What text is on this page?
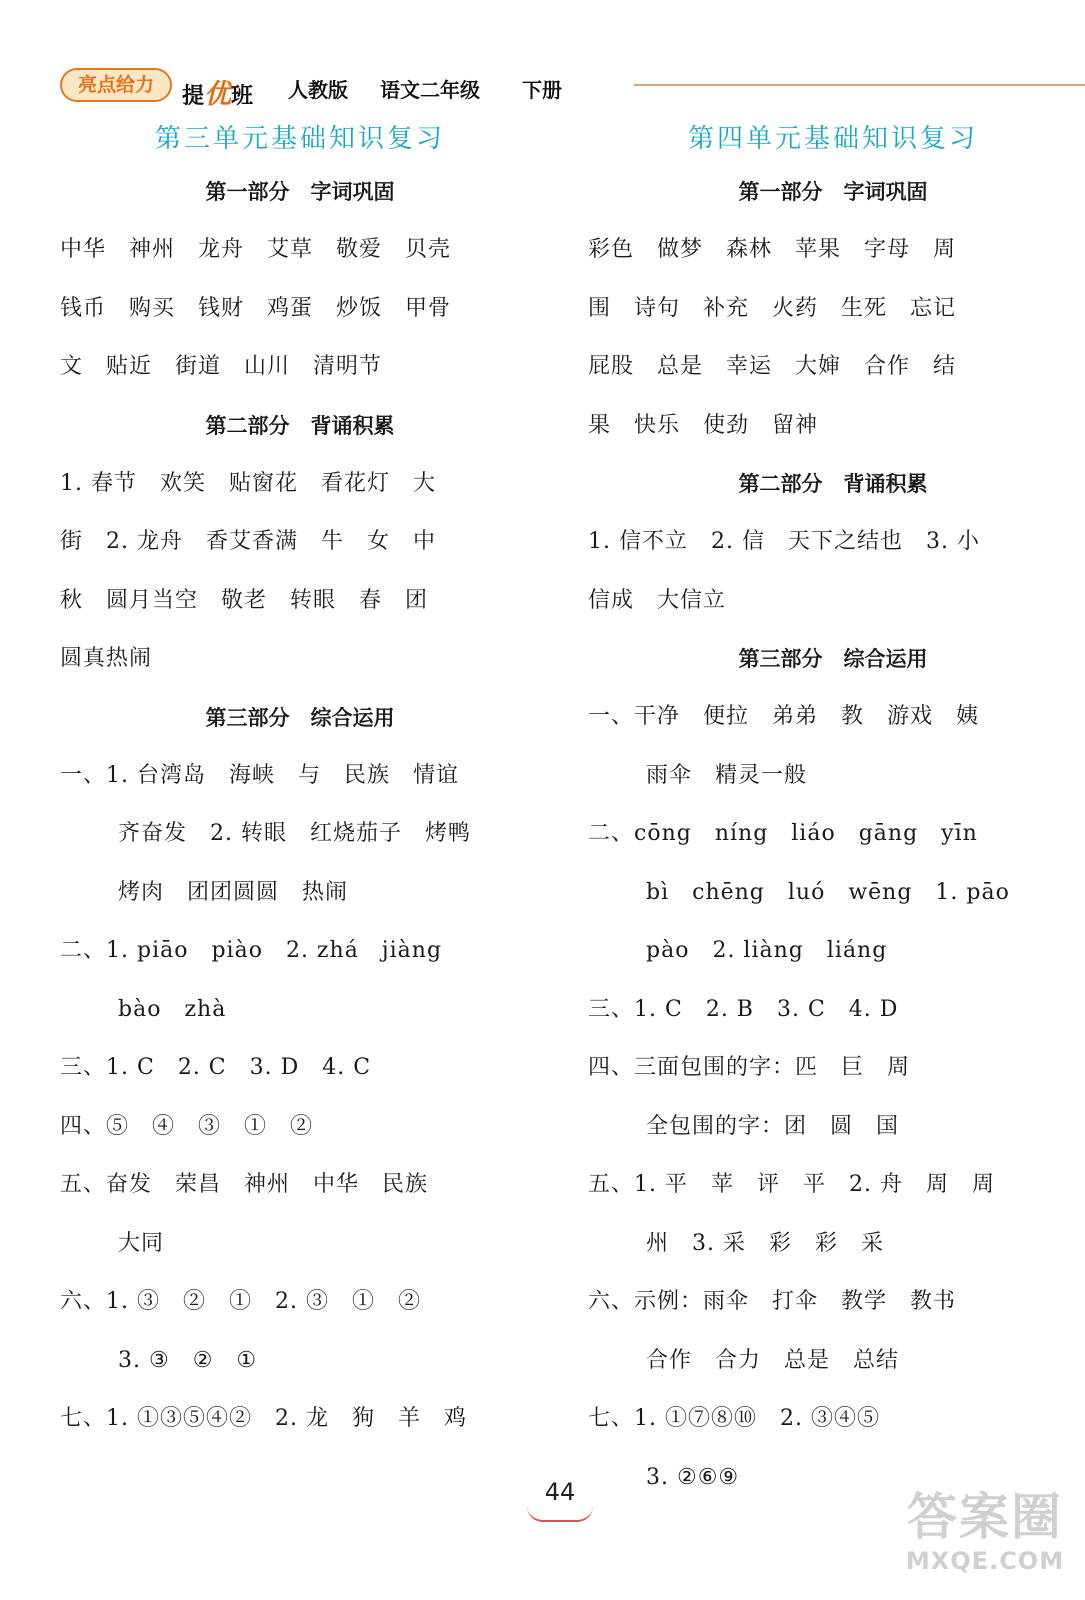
亮点给力	提优班 人教版 语文二年级 下册
第三单元基础知识复习
第一部分　字词巩固
中华　神州　龙舟　艾草　敬爱　贝壳
钱币　购买　钱财　鸡蛋　炒饭　甲骨
文　贴近　街道　山川　清明节
第二部分　背诵积累
1. 春节　欢笑　贴窗花　看花灯　大
街　2. 龙舟　香艾香满　牛　女　中
秋　圆月当空　敬老　转眼　春　团
圆真热闹
第三部分　综合运用
一、1. 台湾岛　海峡　与　民族　情谊
齐奋发　2. 转眼　红烧茄子　烤鸭
烤肉　团团圆圆　热闹
二、1. piāo　piào　2. zhá　jiàng
bào　zhà
三、1. C　2. C　3. D　4. C
四、⑤　④　③　①　②
五、奋发　荣昌　神州　中华　民族
大同
六、1. ③　②　①　2. ③　①　②
3. ③　②　①
七、1. ①③⑤④②　2. 龙　狗　羊　鸡
第四单元基础知识复习
第一部分　字词巩固
彩色　做梦　森林　苹果　字母　周
围　诗句　补充　火药　生死　忘记
屁股　总是　幸运　大婶　合作　结
果　快乐　使劲　留神
第二部分　背诵积累
1. 信不立　2. 信　天下之结也　3. 小
信成　大信立
第三部分　综合运用
一、干净　便拉　弟弟　教　游戏　姨
雨伞　精灵一般
二、cōng　níng　liáo　gāng　yīn
bì　chēng　luó　wēng　1. pāo
pào　2. liàng　liáng
三、1. C　2. B　3. C　4. D
四、三面包围的字：匹　巨　周
全包围的字：团　圆　国
五、1. 平　苹　评　平　2. 舟　周　周
州　3. 采　彩　彩　采
六、示例：雨伞　打伞　教学　教书
合作　合力　总是　总结
七、1. ①⑦⑧⑩　2. ③④⑤
3. ②⑥⑨
44	答案圈
MXQE.COM
